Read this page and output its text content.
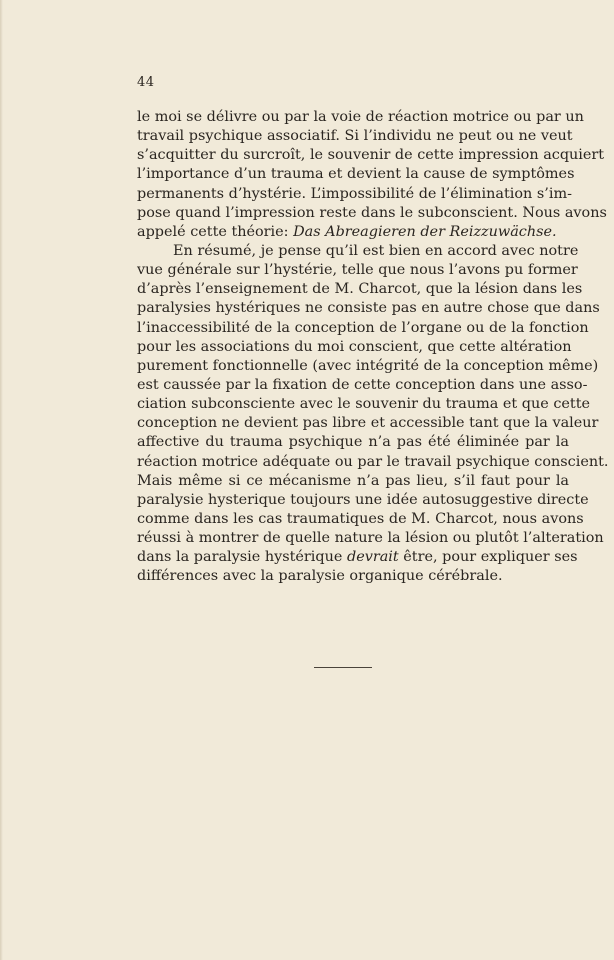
44
le moi se délivre ou par la voie de réaction motrice ou par un
travail psychique associatif. Si l’individu ne peut ou ne veut
s’acquitter du surcroît, le souvenir de cette impression acquiert
l’importance d’un trauma et devient la cause de symptômes
permanents d’hystérie. L’impossibilité de l’élimination s’im-
pose quand l’impression reste dans le subconscient. Nous avons
appelé cette théorie: Das Abreagieren der Reizzuwächse.
En résumé, je pense qu’il est bien en accord avec notre
vue générale sur l’hystérie, telle que nous l’avons pu former
d’après l’enseignement de M. Charcot, que la lésion dans les
paralysies hystériques ne consiste pas en autre chose que dans
l’inaccessibilité de la conception de l’organe ou de la fonction
pour les associations du moi conscient, que cette altération
purement fonctionnelle (avec intégrité de la conception même)
est caussée par la fixation de cette conception dans une asso-
ciation subconsciente avec le souvenir du trauma et que cette
conception ne devient pas libre et accessible tant que la valeur
affective du trauma psychique n’a pas été éliminée par la
réaction motrice adéquate ou par le travail psychique conscient.
Mais même si ce mécanisme n’a pas lieu, s’il faut pour la
paralysie hysterique toujours une idée autosuggestive directe
comme dans les cas traumatiques de M. Charcot, nous avons
réussi à montrer de quelle nature la lésion ou plutôt l’alteration
dans la paralysie hystérique devrait être, pour expliquer ses
différences avec la paralysie organique cérébrale.
